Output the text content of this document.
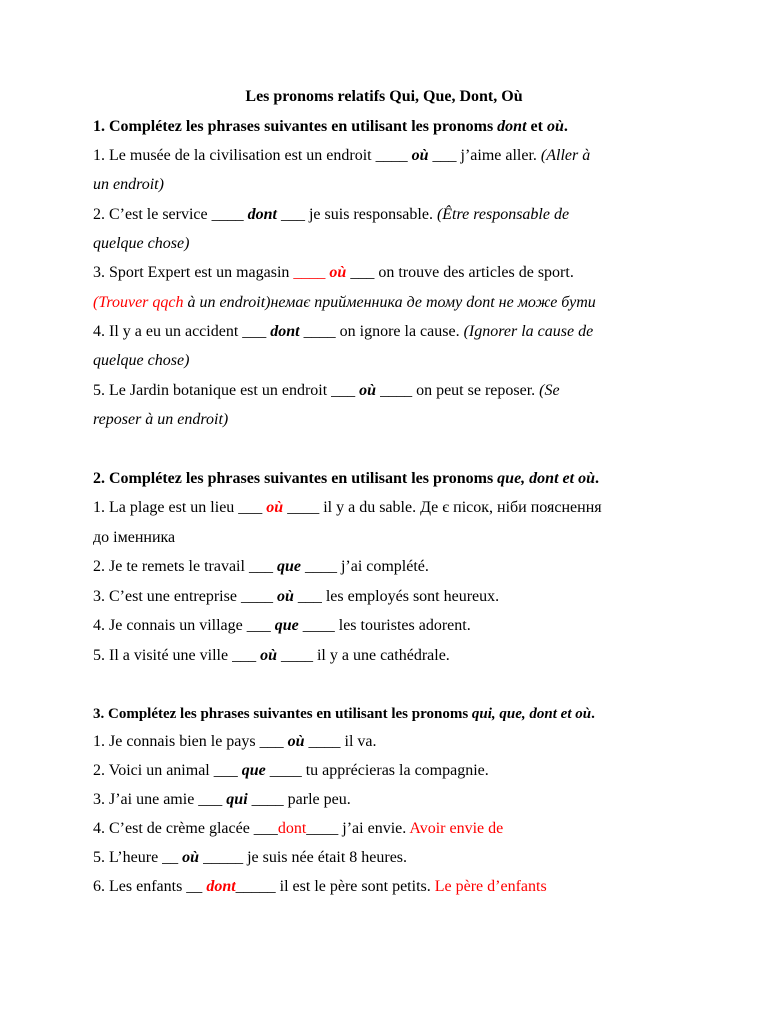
Les pronoms relatifs Qui, Que, Dont, Où
1. Complétez les phrases suivantes en utilisant les pronoms dont et où.
1. Le musée de la civilisation est un endroit ____ où ___ j’aime aller. (Aller à
un endroit)
2. C’est le service ____ dont ___ je suis responsable. (Être responsable de
quelque chose)
3. Sport Expert est un magasin ____ où ___ on trouve des articles de sport.
(Trouver qqch à un endroit)немає прийменника де тому dont не може бути
4. Il y a eu un accident ___ dont ____ on ignore la cause. (Ignorer la cause de
quelque chose)
5. Le Jardin botanique est un endroit ___ où ____ on peut se reposer. (Se
reposer à un endroit)
2. Complétez les phrases suivantes en utilisant les pronoms que, dont et où.
1. La plage est un lieu ___ où ____ il y a du sable. Де є пісок, ніби пояснення
до іменника
2. Je te remets le travail ___ que ____ j’ai complété.
3. C’est une entreprise ____ où ___ les employés sont heureux.
4. Je connais un village ___ que ____ les touristes adorent.
5. Il a visité une ville ___ où ____ il y a une cathédrale.
3. Complétez les phrases suivantes en utilisant les pronoms qui, que, dont et où.
1. Je connais bien le pays ___ où ____ il va.
2. Voici un animal ___ que ____ tu apprécieras la compagnie.
3. J’ai une amie ___ qui ____ parle peu.
4. C’est de crème glacée ___dont____ j’ai envie. Avoir envie de
5. L’heure __ où _____ je suis née était 8 heures.
6. Les enfants __ dont_____ il est le père sont petits. Le père d’enfants
